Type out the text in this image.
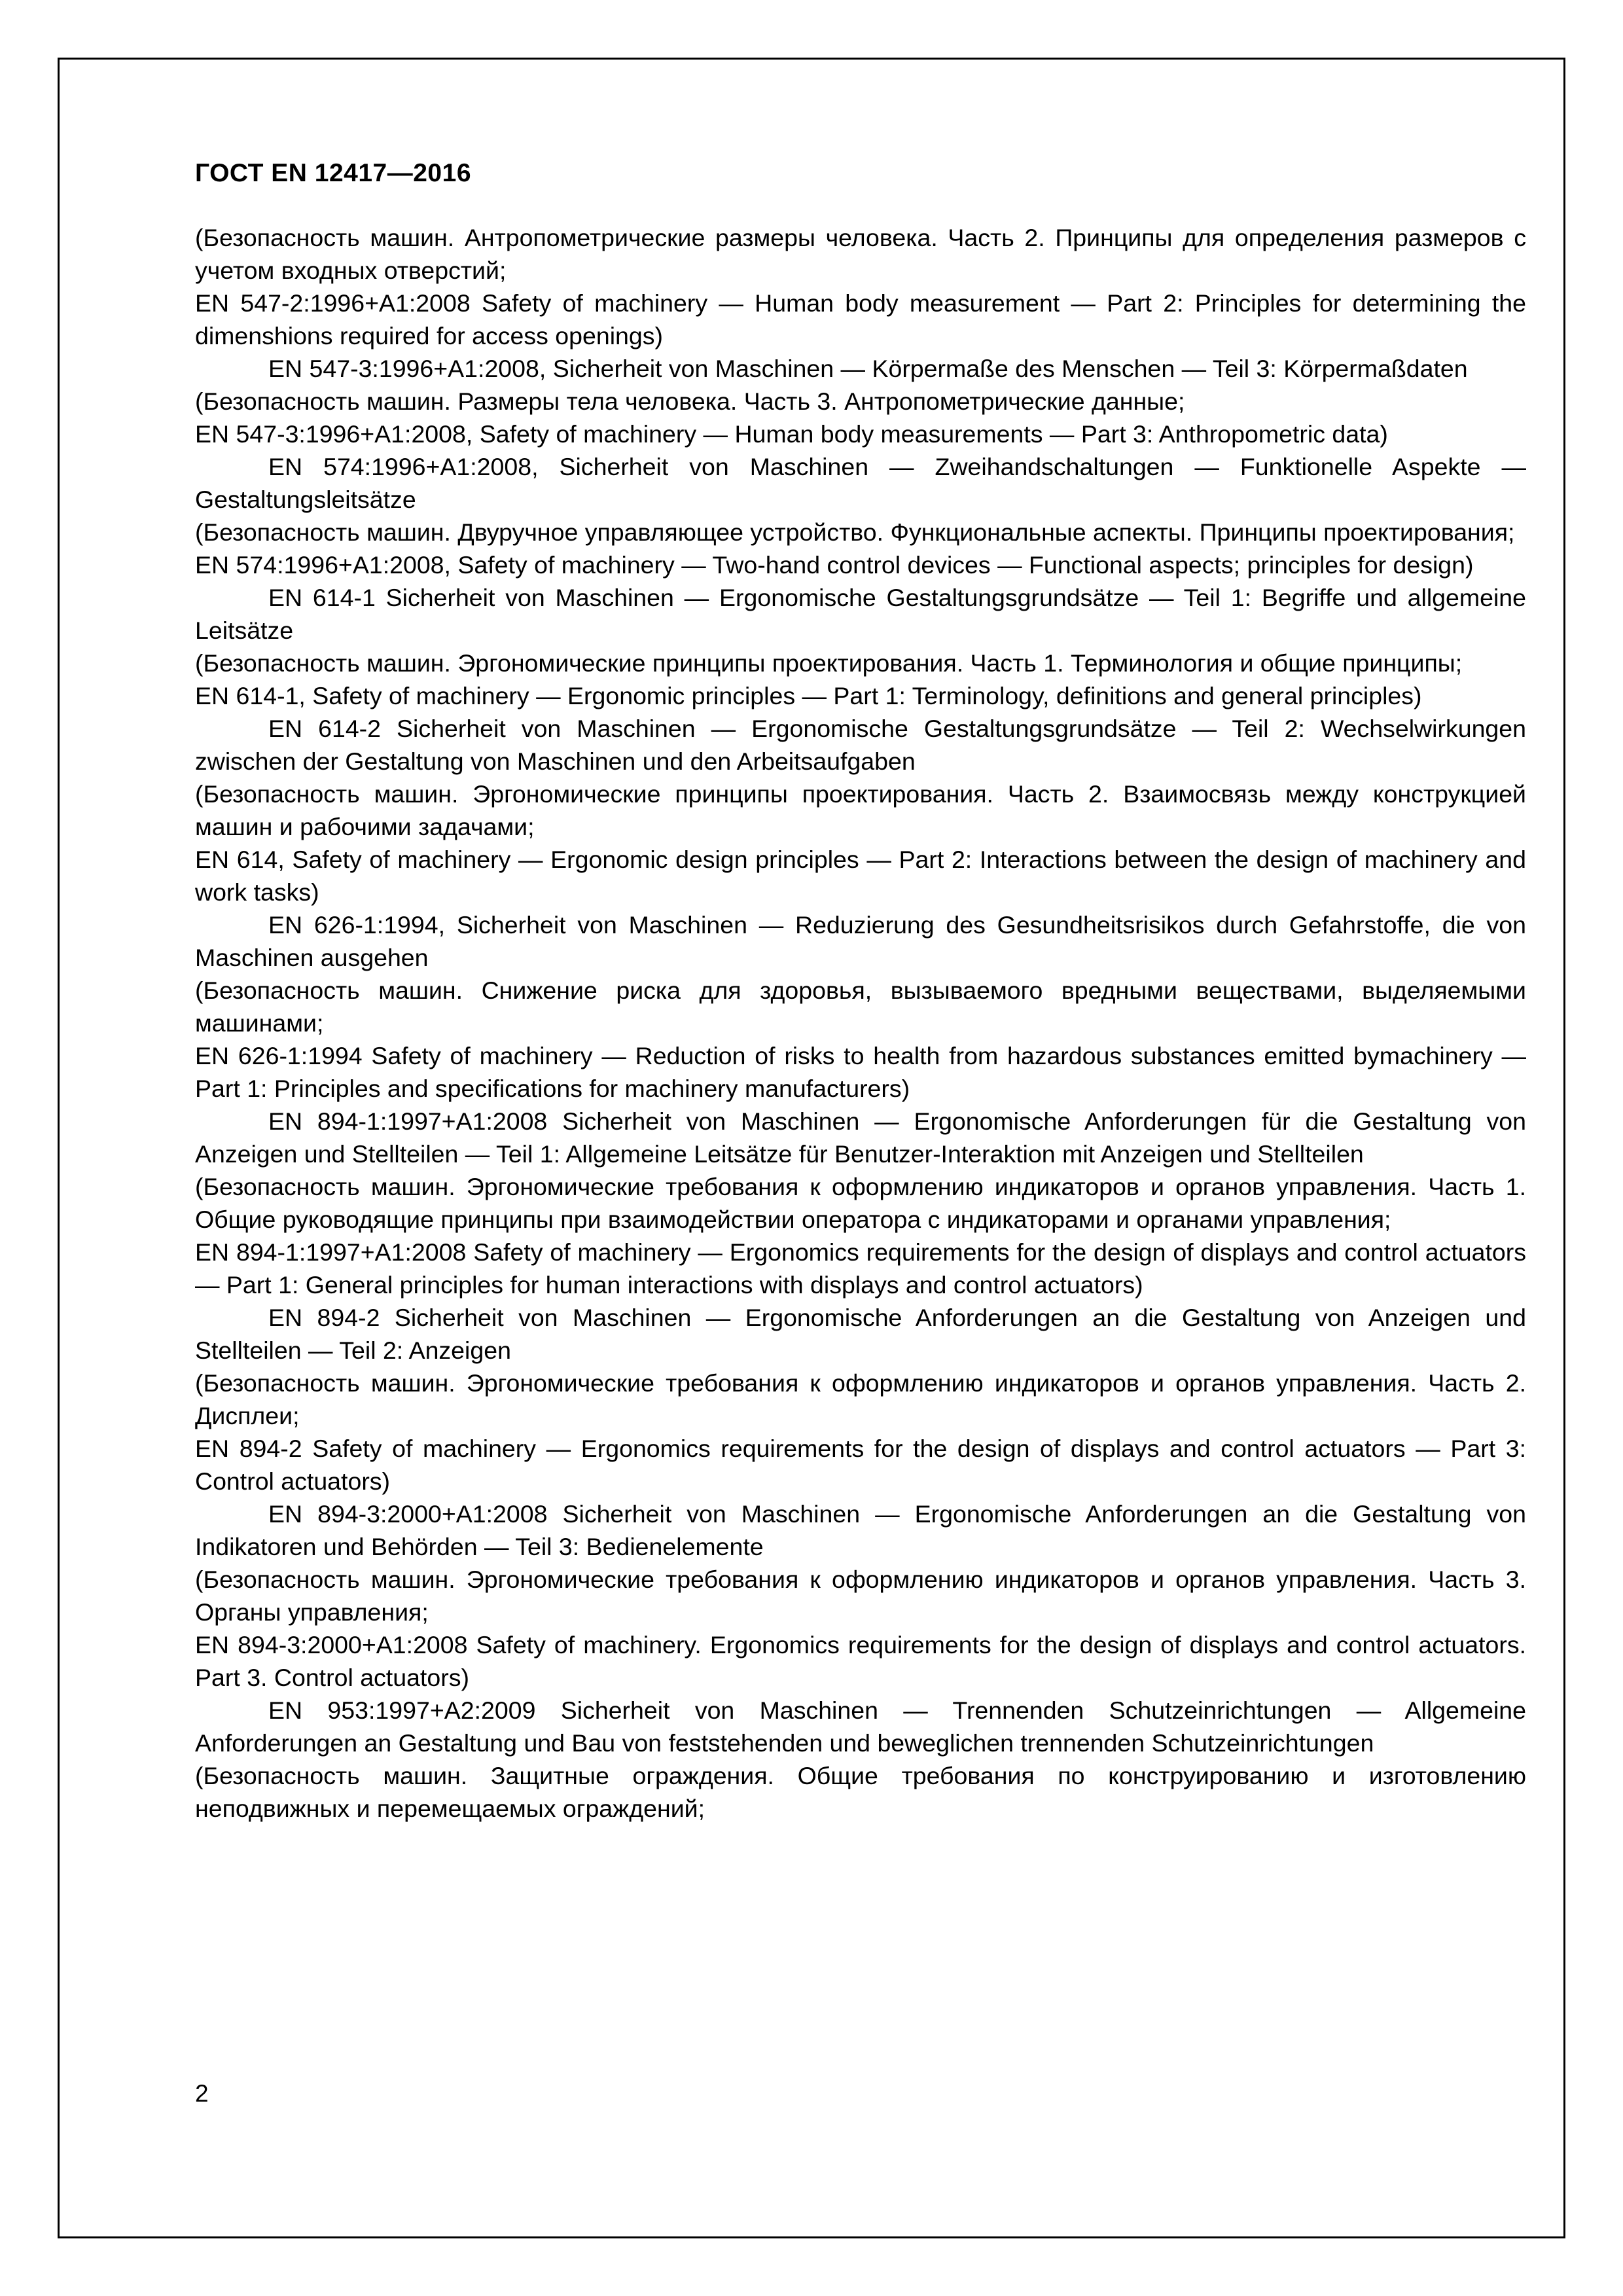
ГОСТ EN 12417—2016

(Безопасность машин. Антропометрические размеры человека. Часть 2. Принципы для определения размеров с учетом входных отверстий;

EN 547-2:1996+A1:2008 Safety of machinery — Human body measurement — Part 2: Principles for determining the dimenshions required for access openings)

EN 547-3:1996+A1:2008, Sicherheit von Maschinen — Körpermaße des Menschen — Teil 3: Körpermaßdaten

(Безопасность машин. Размеры тела человека. Часть 3. Антропометрические данные;

EN 547-3:1996+A1:2008, Safety of machinery — Human body measurements — Part 3: Anthropometric data)

EN 574:1996+A1:2008, Sicherheit von Maschinen — Zweihandschaltungen — Funktionelle Aspekte — Gestaltungsleitsätze

(Безопасность машин. Двуручное управляющее устройство. Функциональные аспекты. Принципы проектирования;

EN 574:1996+A1:2008, Safety of machinery — Two-hand control devices — Functional aspects; principles for design)

EN 614-1 Sicherheit von Maschinen — Ergonomische Gestaltungsgrundsätze — Teil 1: Begriffe und allgemeine Leitsätze

(Безопасность машин. Эргономические принципы проектирования. Часть 1. Терминология и общие принципы;

EN 614-1, Safety of machinery — Ergonomic principles — Part 1: Terminology, definitions and general principles)

EN 614-2 Sicherheit von Maschinen — Ergonomische Gestaltungsgrundsätze — Teil 2: Wechselwirkungen zwischen der Gestaltung von Maschinen und den Arbeitsaufgaben

(Безопасность машин. Эргономические принципы проектирования. Часть 2. Взаимосвязь между конструкцией машин и рабочими задачами;

EN 614, Safety of machinery — Ergonomic design principles — Part 2: Interactions between the design of machinery and work tasks)

EN 626-1:1994, Sicherheit von Maschinen — Reduzierung des Gesundheitsrisikos durch Gefahrstoffe, die von Maschinen ausgehen

(Безопасность машин. Снижение риска для здоровья, вызываемого вредными веществами, выделяемыми машинами;

EN 626-1:1994 Safety of machinery — Reduction of risks to health from hazardous substances emitted bymachinery — Part 1: Principles and specifications for machinery manufacturers)

EN 894-1:1997+A1:2008 Sicherheit von Maschinen — Ergonomische Anforderungen für die Gestaltung von Anzeigen und Stellteilen — Teil 1: Allgemeine Leitsätze für Benutzer-Interaktion mit Anzeigen und Stellteilen

(Безопасность машин. Эргономические требования к оформлению индикаторов и органов управления. Часть 1. Общие руководящие принципы при взаимодействии оператора с индикаторами и органами управления;

EN 894-1:1997+A1:2008 Safety of machinery — Ergonomics requirements for the design of displays and control actuators — Part 1: General principles for human interactions with displays and control actuators)

EN 894-2 Sicherheit von Maschinen — Ergonomische Anforderungen an die Gestaltung von Anzeigen und Stellteilen — Teil 2: Anzeigen

(Безопасность машин. Эргономические требования к оформлению индикаторов и органов управления. Часть 2. Дисплеи;

EN 894-2 Safety of machinery — Ergonomics requirements for the design of displays and control actuators — Part 3: Control actuators)

EN 894-3:2000+A1:2008 Sicherheit von Maschinen — Ergonomische Anforderungen an die Gestaltung von Indikatoren und Behörden — Teil 3: Bedienelemente

(Безопасность машин. Эргономические требования к оформлению индикаторов и органов управления. Часть 3. Органы управления;

EN 894-3:2000+A1:2008 Safety of machinery. Ergonomics requirements for the design of displays and control actuators. Part 3. Control actuators)

EN 953:1997+A2:2009 Sicherheit von Maschinen — Trennenden Schutzeinrichtungen — Allgemeine Anforderungen an Gestaltung und Bau von feststehenden und beweglichen trennenden Schutzeinrichtungen

(Безопасность машин. Защитные ограждения. Общие требования по конструированию и изготовлению неподвижных и перемещаемых ограждений;

2
